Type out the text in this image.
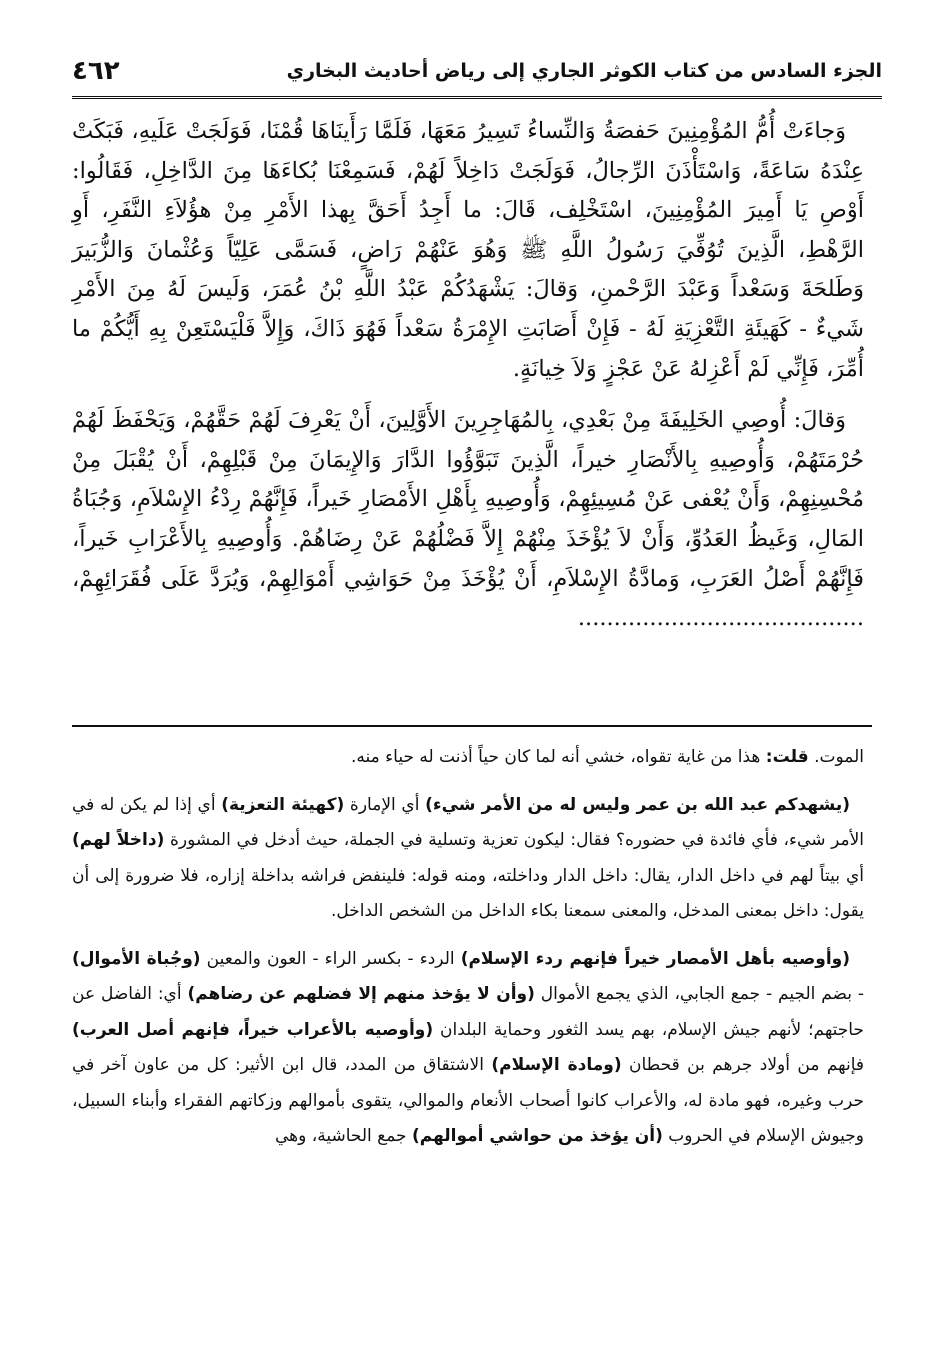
الجزء السادس من كتاب الكوثر الجاري إلى رياض أحاديث البخاري
٤٦٢

وَجاءَتْ أُمُّ المُؤْمِنِينَ حَفصَةُ وَالنِّساءُ تَسِيرُ مَعَهَا، فَلَمَّا رَأَينَاهَا قُمْنَا، فَوَلَجَتْ عَلَيهِ، فَبَكَتْ عِنْدَهُ سَاعَةً، وَاسْتَأْذَنَ الرِّجالُ، فَوَلَجَتْ دَاخِلاً لَهُمْ، فَسَمِعْنَا بُكاءَهَا مِنَ الدَّاخِلِ، فَقَالُوا: أَوْصِ يَا أَمِيرَ المُؤْمِنِينَ، اسْتَخْلِف، قَالَ: ما أَجِدُ أَحَقَّ بِهذا الأَمْرِ مِنْ هؤُلاَءِ النَّفَرِ، أَوِ الرَّهْطِ، الَّذِينَ تُوُفِّيَ رَسُولُ اللَّهِ ﷺ وَهُوَ عَنْهُمْ رَاضٍ، فَسَمَّى عَلِيّاً وَعُثْمانَ وَالزُّبَيرَ وَطَلحَةَ وَسَعْداً وَعَبْدَ الرَّحْمنِ، وَقالَ: يَشْهَدُكُمْ عَبْدُ اللَّهِ بْنُ عُمَرَ، وَلَيسَ لَهُ مِنَ الأَمْرِ شَيءٌ - كَهَيئَةِ التَّعْزِيَةِ لَهُ - فَإِنْ أَصَابَتِ الإِمْرَةُ سَعْداً فَهُوَ ذَاكَ، وَإِلاَّ فَلْيَسْتَعِنْ بِهِ أَيُّكُمْ ما أُمِّرَ، فَإِنِّي لَمْ أَعْزِلهُ عَنْ عَجْزٍ وَلاَ خِيانَةٍ.

وَقالَ: أُوصِي الخَلِيفَةَ مِنْ بَعْدِي، بِالمُهَاجِرِينَ الأَوَّلِينَ، أَنْ يَعْرِفَ لَهُمْ حَقَّهُمْ، وَيَحْفَظَ لَهُمْ حُرْمَتَهُمْ، وَأُوصِيهِ بِالأَنْصَارِ خيراً، الَّذِينَ تَبَوَّؤُوا الدَّارَ وَالإِيمَانَ مِنْ قَبْلِهِمْ، أَنْ يُقْبَلَ مِنْ مُحْسِنِهِمْ، وَأَنْ يُعْفى عَنْ مُسِيئِهِمْ، وَأُوصِيهِ بِأَهْلِ الأَمْصَارِ خَيراً، فَإِنَّهُمْ رِدْءُ الإِسْلاَمِ، وَجُبَاةُ المَالِ، وَغَيظُ العَدُوِّ، وَأَنْ لاَ يُؤْخَذَ مِنْهُمْ إِلاَّ فَضْلُهُمْ عَنْ رِضَاهُمْ. وَأُوصِيهِ بِالأَعْرَابِ خَيراً، فَإِنَّهُمْ أَصْلُ العَرَبِ، وَمادَّةُ الإِسْلاَمِ، أَنْ يُؤْخَذَ مِنْ حَوَاشِي أَمْوَالِهِمْ، وَيُرَدَّ عَلَى فُقَرَائِهِمْ، ........................................

الموت. قلت: هذا من غاية تقواه، خشي أنه لما كان حياً أذنت له حياء منه.

(يشهدكم عبد الله بن عمر وليس له من الأمر شيء) أي الإمارة (كهيئة التعزية) أي إذا لم يكن له في الأمر شيء، فأي فائدة في حضوره؟ فقال: ليكون تعزية وتسلية في الجملة، حيث أدخل في المشورة (داخلاً لهم) أي بيتاً لهم في داخل الدار، يقال: داخل الدار وداخلته، ومنه قوله: فلينفض فراشه بداخلة إزاره، فلا ضرورة إلى أن يقول: داخل بمعنى المدخل، والمعنى سمعنا بكاء الداخل من الشخص الداخل.

(وأوصيه بأهل الأمصار خيراً فإنهم ردء الإسلام) الردء - بكسر الراء - العون والمعين (وجُباة الأموال) - بضم الجيم - جمع الجابي، الذي يجمع الأموال (وأن لا يؤخذ منهم إلا فضلهم عن رضاهم) أي: الفاضل عن حاجتهم؛ لأنهم جيش الإسلام، بهم يسد الثغور وحماية البلدان (وأوصيه بالأعراب خيراً، فإنهم أصل العرب) فإنهم من أولاد جرهم بن قحطان (ومادة الإسلام) الاشتقاق من المدد، قال ابن الأثير: كل من عاون آخر في حرب وغيره، فهو مادة له، والأعراب كانوا أصحاب الأنعام والموالي، يتقوى بأموالهم وزكاتهم الفقراء وأبناء السبيل، وجيوش الإسلام في الحروب (أن يؤخذ من حواشي أموالهم) جمع الحاشية، وهي
